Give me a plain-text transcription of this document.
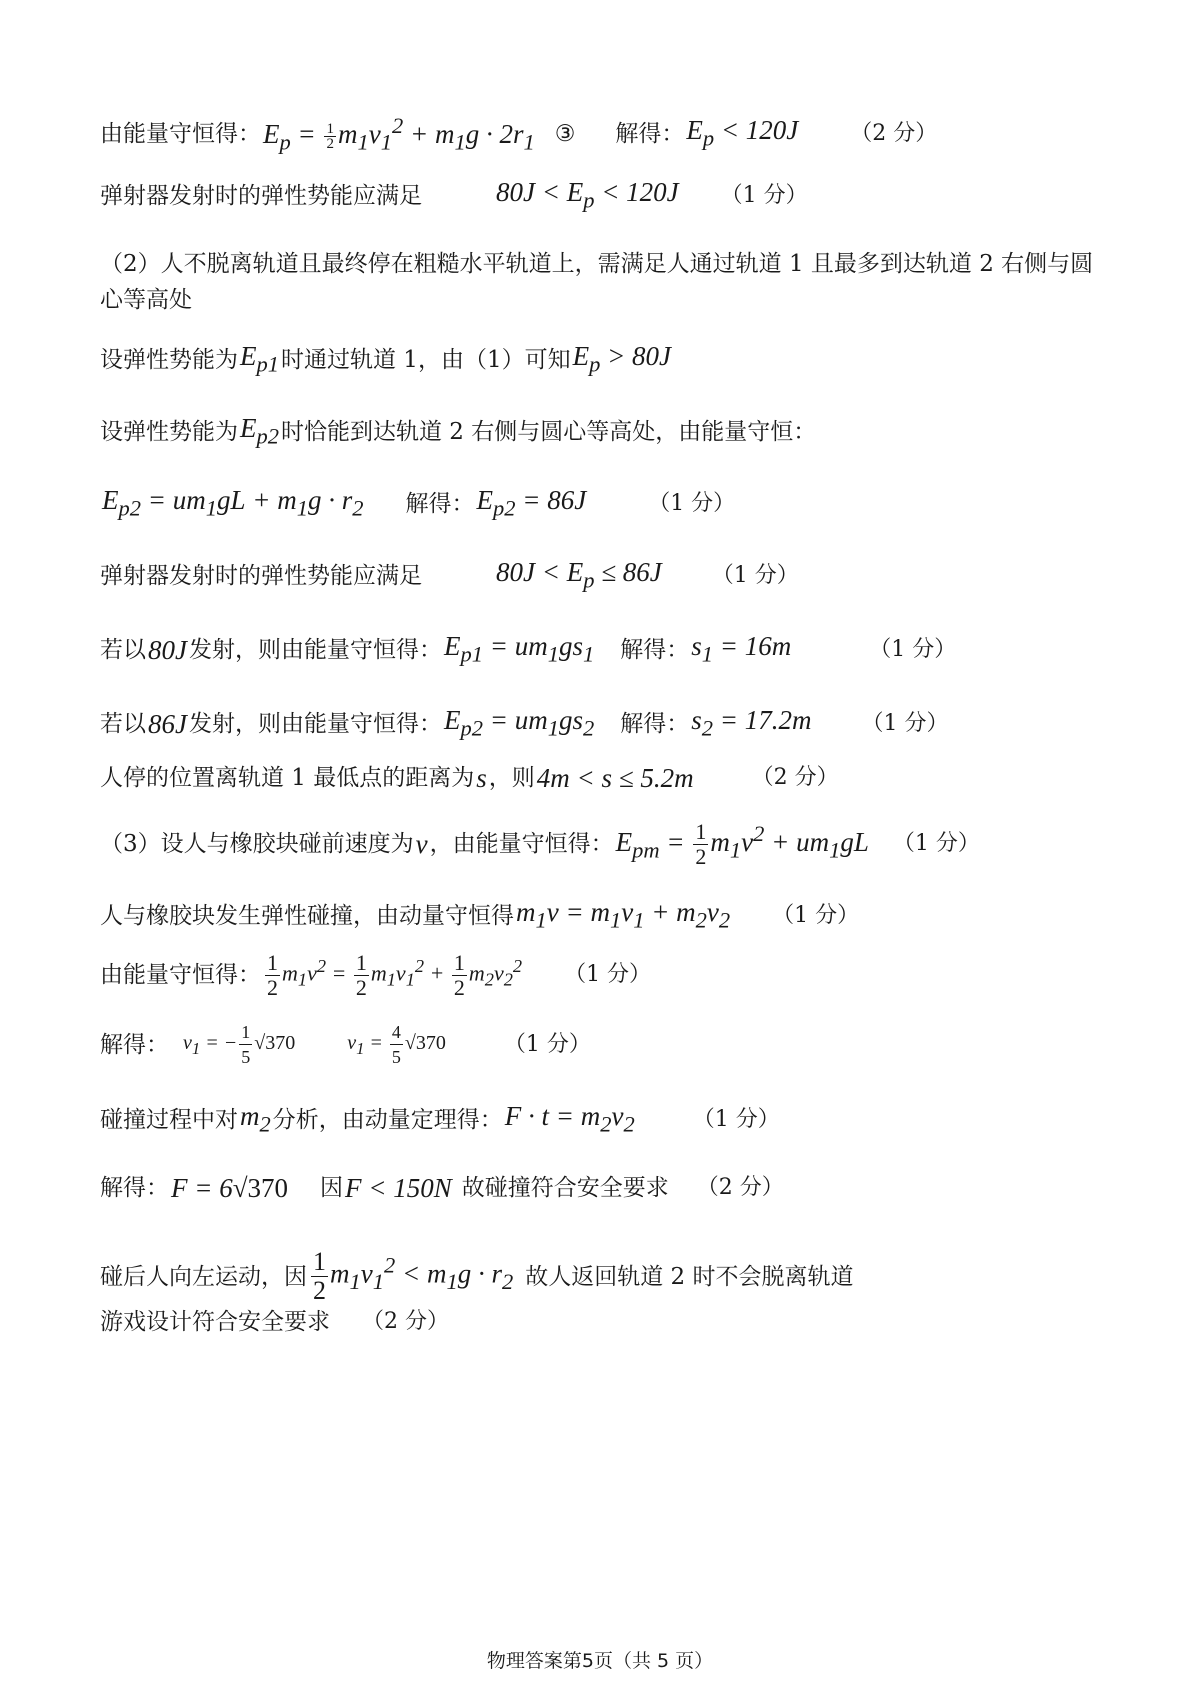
由能量守恒得： $E_p = \frac{1}{2} m_1v_1^2 + m_1g \cdot 2r_1$ ③ 解得： $E_p < 120J$ （2 分）
弹射器发射时的弹性势能应满足	$80J < E_p < 120J$ （1 分）
（2）人不脱离轨道且最终停在粗糙水平轨道上，需满足人通过轨道 1 且最多到达轨道 2 右侧与圆心等高处
设弹性势能为 $E_{p1}$ 时通过轨道 1，由（1）可知 $E_p > 80J$
设弹性势能为 $E_{p2}$ 时恰能到达轨道 2 右侧与圆心等高处，由能量守恒：
$E_{p2} = um_1gL + m_1g \cdot r_2$ 解得： $E_{p2} = 86J$	（1 分）
弹射器发射时的弹性势能应满足	$80J < E_p \le 86J$ （1 分）
若以 80J 发射，则由能量守恒得： $E_{p1} = um_1gs_1$ 解得： $s_1 = 16m$	（1 分）
若以 86J 发射，则由能量守恒得： $E_{p2} = um_1gs_2$ 解得： $s_2 = 17.2m$ （1 分）
人停的位置离轨道 1 最低点的距离为 s ，则 4m < s ≤ 5.2m	（2 分）
（3）设人与橡胶块碰前速度为 v ，由能量守恒得： $E_{pm} = \frac{1}{2} m_1v^2 + um_1gL$ （1 分）
人与橡胶块发生弹性碰撞，由动量守恒得 $m_1v = m_1v_1 + m_2v_2$ （1 分）
由能量守恒得： $\frac{1}{2} m_1v^2 = \frac{1}{2} m_1v_1^2 + \frac{1}{2} m_2v_2^2$ （1 分）
解得： $v_1$ = − $\frac{1}{5} √370$	$v_1 = \frac{4}{5} √370$	（1 分）
碰撞过程中对 $m_2$ 分析，由动量定理得： $F \cdot t = m_2v_2$	（1 分）
解得： F = 6√370 因 F < 150N 故碰撞符合安全要求 （2 分）
碰后人向左运动，因 $\frac{1}{2} m_1v_1^2 < m_1g \cdot r_2$ 故人返回轨道 2 时不会脱离轨道
游戏设计符合安全要求 （2 分）
物理答案第5页（共 5 页）
